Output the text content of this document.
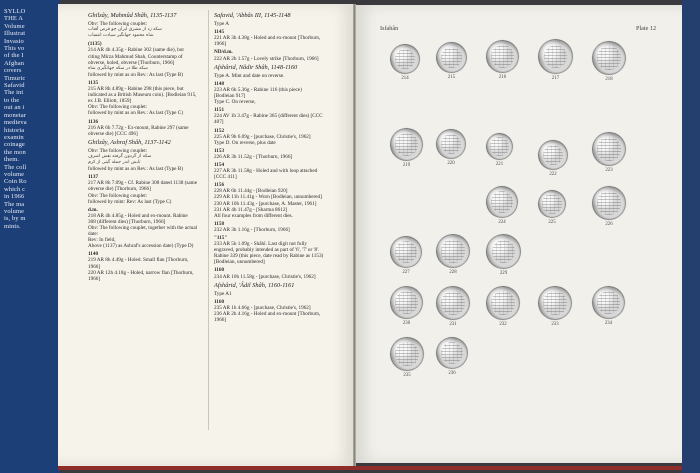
SYLLO
THE A
Volume
Illustrat
Invasio
This vo
of the I
Afghan
covers
Timuric
Safavid
The int
to the
out an i
monetar
medieva
historia
examin
coinage
the mon
them.
The coll
volume
Coin Ro
which c
in 1966
The ma
volume
is, by m
mints.
Ghilzây, Mahmûd Shâh, 1135-1137
Obv: The following couplet:
سکه زد از مشرق ایران چو قرص آفتاب
شاه محمود جهانگیر سیادت انتساب
(1135)
214 AR 4h 4.35g - Rabine 302 (same die), but
citing Mirza Mahmud Shah, Counterstamp of
obverse, holed, obverse [Thorburn, 1966]
سکه طلا در سکه جهانگیری شاه
followed by mint as on Rev.: As last (Type B)
1135
215 AR 8h 4.89g - Rabine 298 (this piece, but
indicated as a British Museum coin). [Bodleian 915,
ex J.B. Elliott, 1859]
Obv: The following couplet:
followed by mint as on Rev.: As last (Type C)
1136
216 AR 6h 7.72g - Ex-mount, Rabine 297 (same
obverse die) [CCC 496]
Ghilzây, Ashraf Shâh, 1137-1142
Obv: The following couplet:
سکه از گردون گرفته نقش اشرف
تابش اندر جمله گیتی از کرم
followed by mint as on Rev.: As last (Type B)
1137
217 AR 8h 7.09g - Cf. Rabine 308 dated 1138 (same
obverse die) [Thorburn, 1966]
Obv: The following couplet:
followed by mint: Rev: As last (Type C)
d.m.
218 AR 4h 4.85g - Holed and ex-mount. Rabine
308 (different dies) [Thorburn, 1966]
Obv: The following couplet, together with the actual date:
Rev: In field,
Above (1137) as Ashraf's accession date) (Type D)
1140
219 AR 8h 4.49g - Holed. Small flan [Thorburn,
1966]
220 AR 12h 4.18g - Holed, narrow flan [Thorburn,
1966]
Safavid, 'Abbâs III, 1145-1148
Type A
1145
221 AR 3h 4.38g - Holed and ex-mount [Thorburn,
1966]
ND/d.m.
222 AR 2h 1.57g - Lovely strike [Thorburn, 1966]
Afshârid, Nâdir Shâh, 1148-1160
Type A. Mint and date on reverse.
1148
223 AR 6h 5.36g - Rabine 116 (this piece)
[Bodleian 917]
Type C. On reverse,
1151
224 AV 1h 3.47g - Rabine 365 (different dies) [CCC
407]
1152
225 AR 9h 6.09g - [purchase, Christie's, 1962]
Type D. On reverse, plus date
1153
226 AR 3h 11.52g - [Thorburn, 1966]
1154
227 AR 3h 11.58g - Holed and with loop attached
[CCC 411]
1156
228 AR 6h 11.44g - [Bodleian 920]
229 AR 11h 11.41g - Worn [Bodleian, unnumbered]
230 AR 10h 11.43g - [purchase, A. Master, 1961]
231 AR 4h 11.47g - [Sharma 8612]
All four examples from different dies.
1158
232 AR 3h 1.16g - [Thorburn, 1966]
"115"
233 AR 5h 1.09g - Shâhî. Last digit not fully
engraved, probably intended as part of '6', '7' or '8'.
Rabine 339 (this piece, date read by Rabine as 1153)
[Bodleian, unnumbered]
1160
234 AR 10h 11.58g - [purchase, Christie's, 1962]
Afshârid, 'Âdil Shâh, 1160-1161
Type A1
1160
235 AR 1h 4.66g - [purchase, Christie's, 1962]
236 AR 2h 4.16g - Holed and ex-mount [Thorburn,
1966]
Isfahân	Plate 12
214	215	216	217	218
219	220	221
222
223
224	225	226
227	228	229
230	231	232	233	234
235	236
